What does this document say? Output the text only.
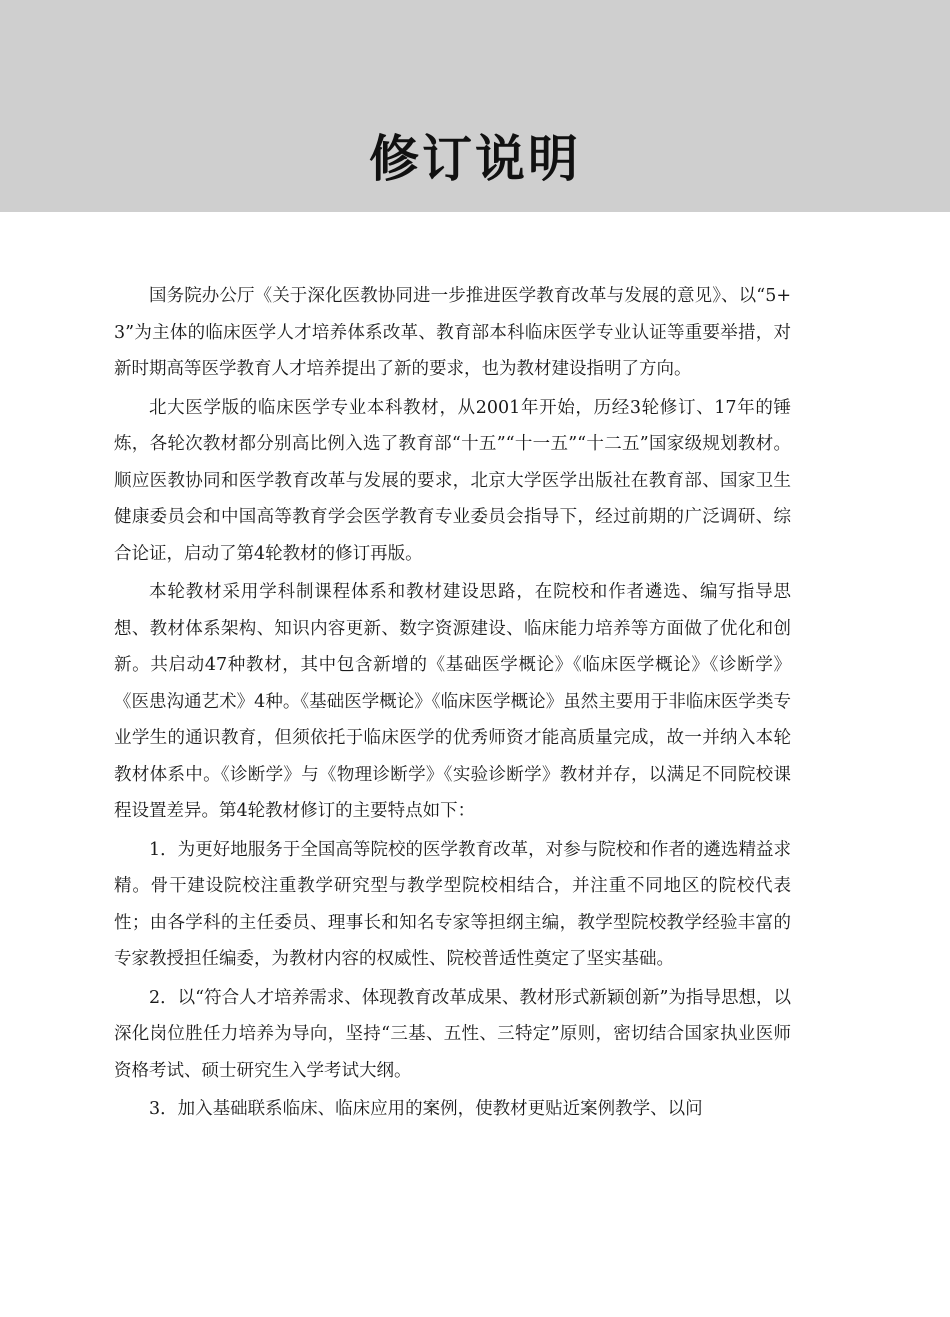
修订说明

国务院办公厅《关于深化医教协同进一步推进医学教育改革与发展的意见》、以“5+3”为主体的临床医学人才培养体系改革、教育部本科临床医学专业认证等重要举措，对新时期高等医学教育人才培养提出了新的要求，也为教材建设指明了方向。

北大医学版的临床医学专业本科教材，从2001年开始，历经3轮修订、17年的锤炼，各轮次教材都分别高比例入选了教育部“十五”“十一五”“十二五”国家级规划教材。顺应医教协同和医学教育改革与发展的要求，北京大学医学出版社在教育部、国家卫生健康委员会和中国高等教育学会医学教育专业委员会指导下，经过前期的广泛调研、综合论证，启动了第4轮教材的修订再版。

本轮教材采用学科制课程体系和教材建设思路，在院校和作者遴选、编写指导思想、教材体系架构、知识内容更新、数字资源建设、临床能力培养等方面做了优化和创新。共启动47种教材，其中包含新增的《基础医学概论》《临床医学概论》《诊断学》《医患沟通艺术》4种。《基础医学概论》《临床医学概论》虽然主要用于非临床医学类专业学生的通识教育，但须依托于临床医学的优秀师资才能高质量完成，故一并纳入本轮教材体系中。《诊断学》与《物理诊断学》《实验诊断学》教材并存，以满足不同院校课程设置差异。第4轮教材修订的主要特点如下：

1．为更好地服务于全国高等院校的医学教育改革，对参与院校和作者的遴选精益求精。骨干建设院校注重教学研究型与教学型院校相结合，并注重不同地区的院校代表性；由各学科的主任委员、理事长和知名专家等担纲主编，教学型院校教学经验丰富的专家教授担任编委，为教材内容的权威性、院校普适性奠定了坚实基础。

2．以“符合人才培养需求、体现教育改革成果、教材形式新颖创新”为指导思想，以深化岗位胜任力培养为导向，坚持“三基、五性、三特定”原则，密切结合国家执业医师资格考试、硕士研究生入学考试大纲。

3．加入基础联系临床、临床应用的案例，使教材更贴近案例教学、以问
